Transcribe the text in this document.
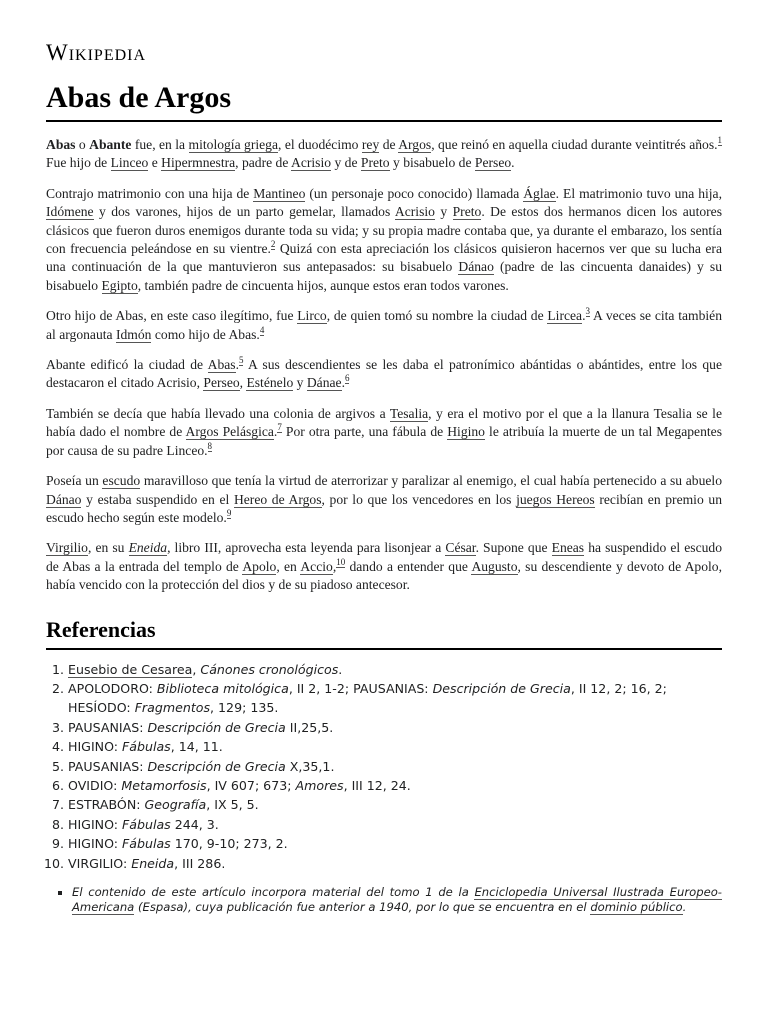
Wikipedia
Abas de Argos

Abas o Abante fue, en la mitología griega, el duodécimo rey de Argos, que reinó en aquella ciudad durante veintitrés años.$^1$ Fue hijo de Linceo e Hipermnestra, padre de Acrisio y de Preto y bisabuelo de Perseo.

Contrajo matrimonio con una hija de Mantineo (un personaje poco conocido) llamada Áglae. El matrimonio tuvo una hija, Idómene y dos varones, hijos de un parto gemelar, llamados Acrisio y Preto. De estos dos hermanos dicen los autores clásicos que fueron duros enemigos durante toda su vida; y su propia madre contaba que, ya durante el embarazo, los sentía con frecuencia peleándose en su vientre.$^2$ Quizá con esta apreciación los clásicos quisieron hacernos ver que su lucha era una continuación de la que mantuvieron sus antepasados: su bisabuelo Dánao (padre de las cincuenta danaides) y su bisabuelo Egipto, también padre de cincuenta hijos, aunque estos eran todos varones.

Otro hijo de Abas, en este caso ilegítimo, fue Lirco, de quien tomó su nombre la ciudad de Lircea.$^3$ A veces se cita también al argonauta Idmón como hijo de Abas.$^4$

Abante edificó la ciudad de Abas.$^5$ A sus descendientes se les daba el patronímico abántidas o abántides, entre los que destacaron el citado Acrisio, Perseo, Esténelo y Dánae.$^6$

También se decía que había llevado una colonia de argivos a Tesalia, y era el motivo por el que a la llanura Tesalia se le había dado el nombre de Argos Pelásgica.$^7$ Por otra parte, una fábula de Higino le atribuía la muerte de un tal Megapentes por causa de su padre Linceo.$^8$

Poseía un escudo maravilloso que tenía la virtud de aterrorizar y paralizar al enemigo, el cual había pertenecido a su abuelo Dánao y estaba suspendido en el Hereo de Argos, por lo que los vencedores en los juegos Hereos recibían en premio un escudo hecho según este modelo.$^9$

Virgilio, en su Eneida, libro III, aprovecha esta leyenda para lisonjear a César. Supone que Eneas ha suspendido el escudo de Abas a la entrada del templo de Apolo, en Accio,$^{10}$ dando a entender que Augusto, su descendiente y devoto de Apolo, había vencido con la protección del dios y de su piadoso antecesor.

Referencias
1. Eusebio de Cesarea, Cánones cronológicos.
2. APOLODORO: Biblioteca mitológica, II 2, 1-2; PAUSANIAS: Descripción de Grecia, II 12, 2; 16, 2; HESÍODO: Fragmentos, 129; 135.
3. PAUSANIAS: Descripción de Grecia II,25,5.
4. HIGINO: Fábulas, 14, 11.
5. PAUSANIAS: Descripción de Grecia X,35,1.
6. OVIDIO: Metamorfosis, IV 607; 673; Amores, III 12, 24.
7. ESTRABÓN: Geografía, IX 5, 5.
8. HIGINO: Fábulas 244, 3.
9. HIGINO: Fábulas 170, 9-10; 273, 2.
10. VIRGILIO: Eneida, III 286.
El contenido de este artículo incorpora material del tomo 1 de la Enciclopedia Universal Ilustrada Europeo-Americana (Espasa), cuya publicación fue anterior a 1940, por lo que se encuentra en el dominio público.
